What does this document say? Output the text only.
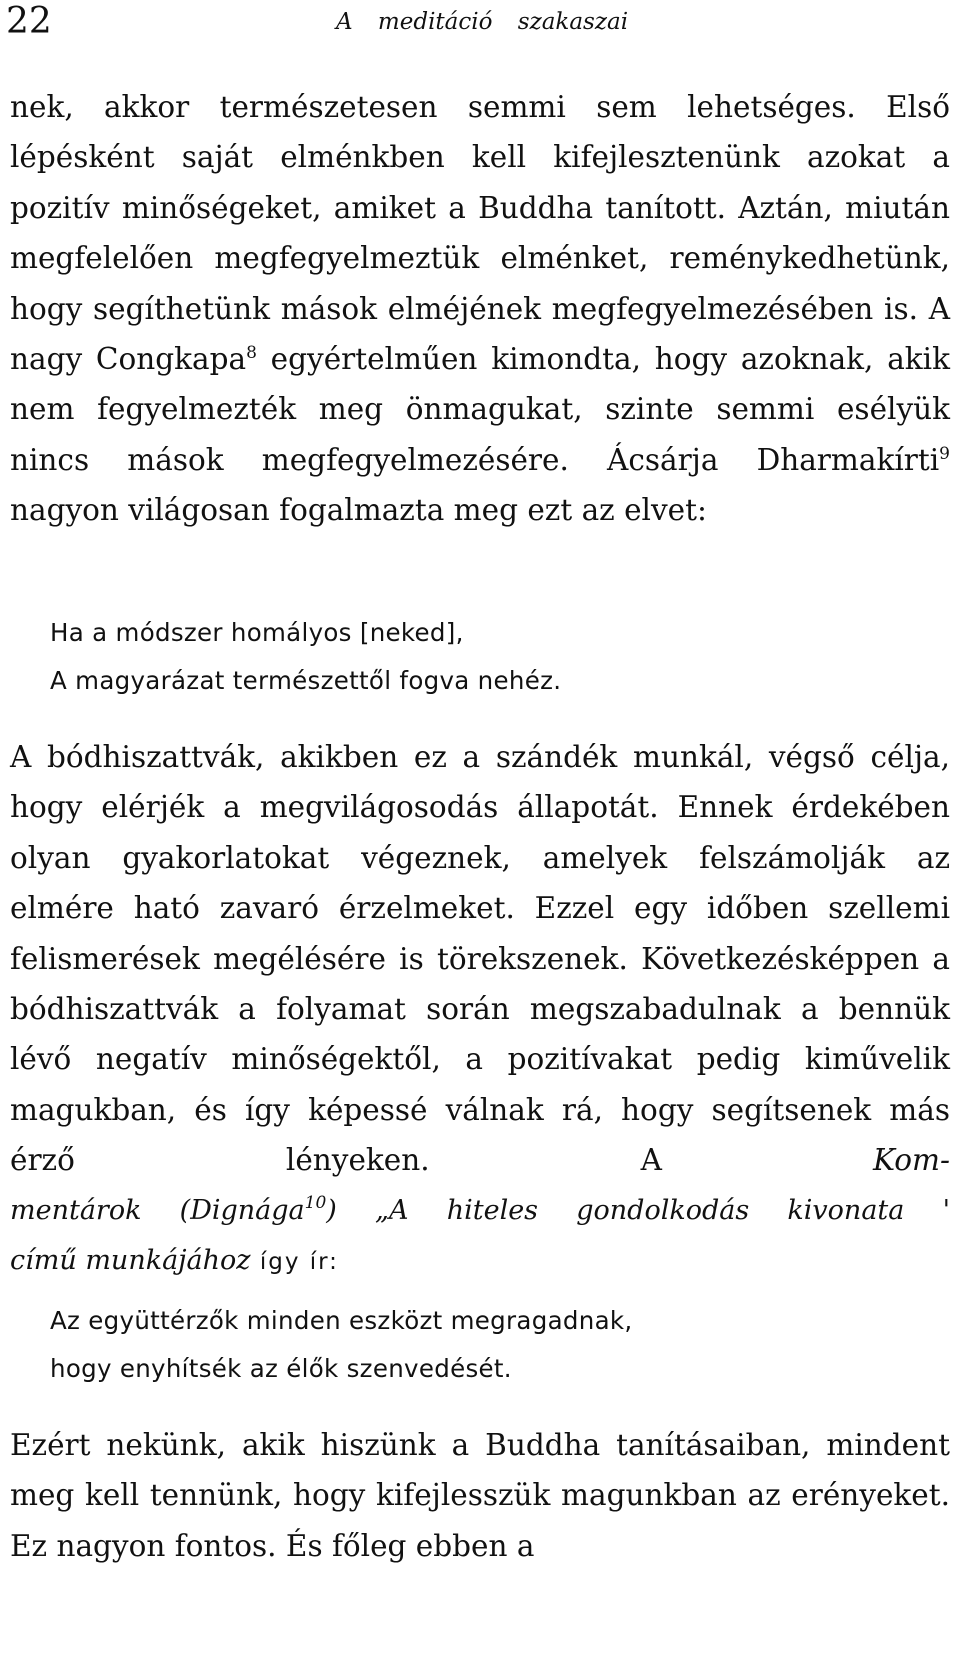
22	A meditáció szakaszai

nek, akkor természetesen semmi sem lehetséges. Első lépésként saját elménkben kell kifejlesztenünk azokat a pozitív minőségeket, amiket a Buddha tanított. Aztán, miután megfelelően megfegyelmeztük elménket, reménykedhetünk, hogy segíthetünk mások elméjének megfegyelmezésében is. A nagy Congkapa$^8$ egyértelműen kimondta, hogy azoknak, akik nem fegyelmezték meg önmagukat, szinte semmi esélyük nincs mások megfegyelmezésére. Ácsárja Dharmakírti$^9$ nagyon világosan fogalmazta meg ezt az elvet:

Ha a módszer homályos [neked],
A magyarázat természettől fogva nehéz.
A bódhiszattvák, akikben ez a szándék munkál, végső célja, hogy elérjék a megvilágosodás állapotát. Ennek érdekében olyan gyakorlatokat végeznek, amelyek felszámolják az elmére ható zavaró érzelmeket. Ezzel egy időben szellemi felismerések megélésére is törekszenek. Következésképpen a bódhiszattvák a folyamat során megszabadulnak a bennük lévő negatív minőségektől, a pozitívakat pedig kiművelik magukban, és így képessé válnak rá, hogy segítsenek más érző lényeken. A Kom-
mentárok (Dignága$^{10}$) „A hiteles gondolkodás kivonata '
című munkájához így ír:
Az együttérzők minden eszközt megragadnak,
hogy enyhítsék az élők szenvedését.

Ezért nekünk, akik hiszünk a Buddha tanításaiban, mindent meg kell tennünk, hogy kifejlesszük magunkban az erényeket. Ez nagyon fontos. És főleg ebben a
